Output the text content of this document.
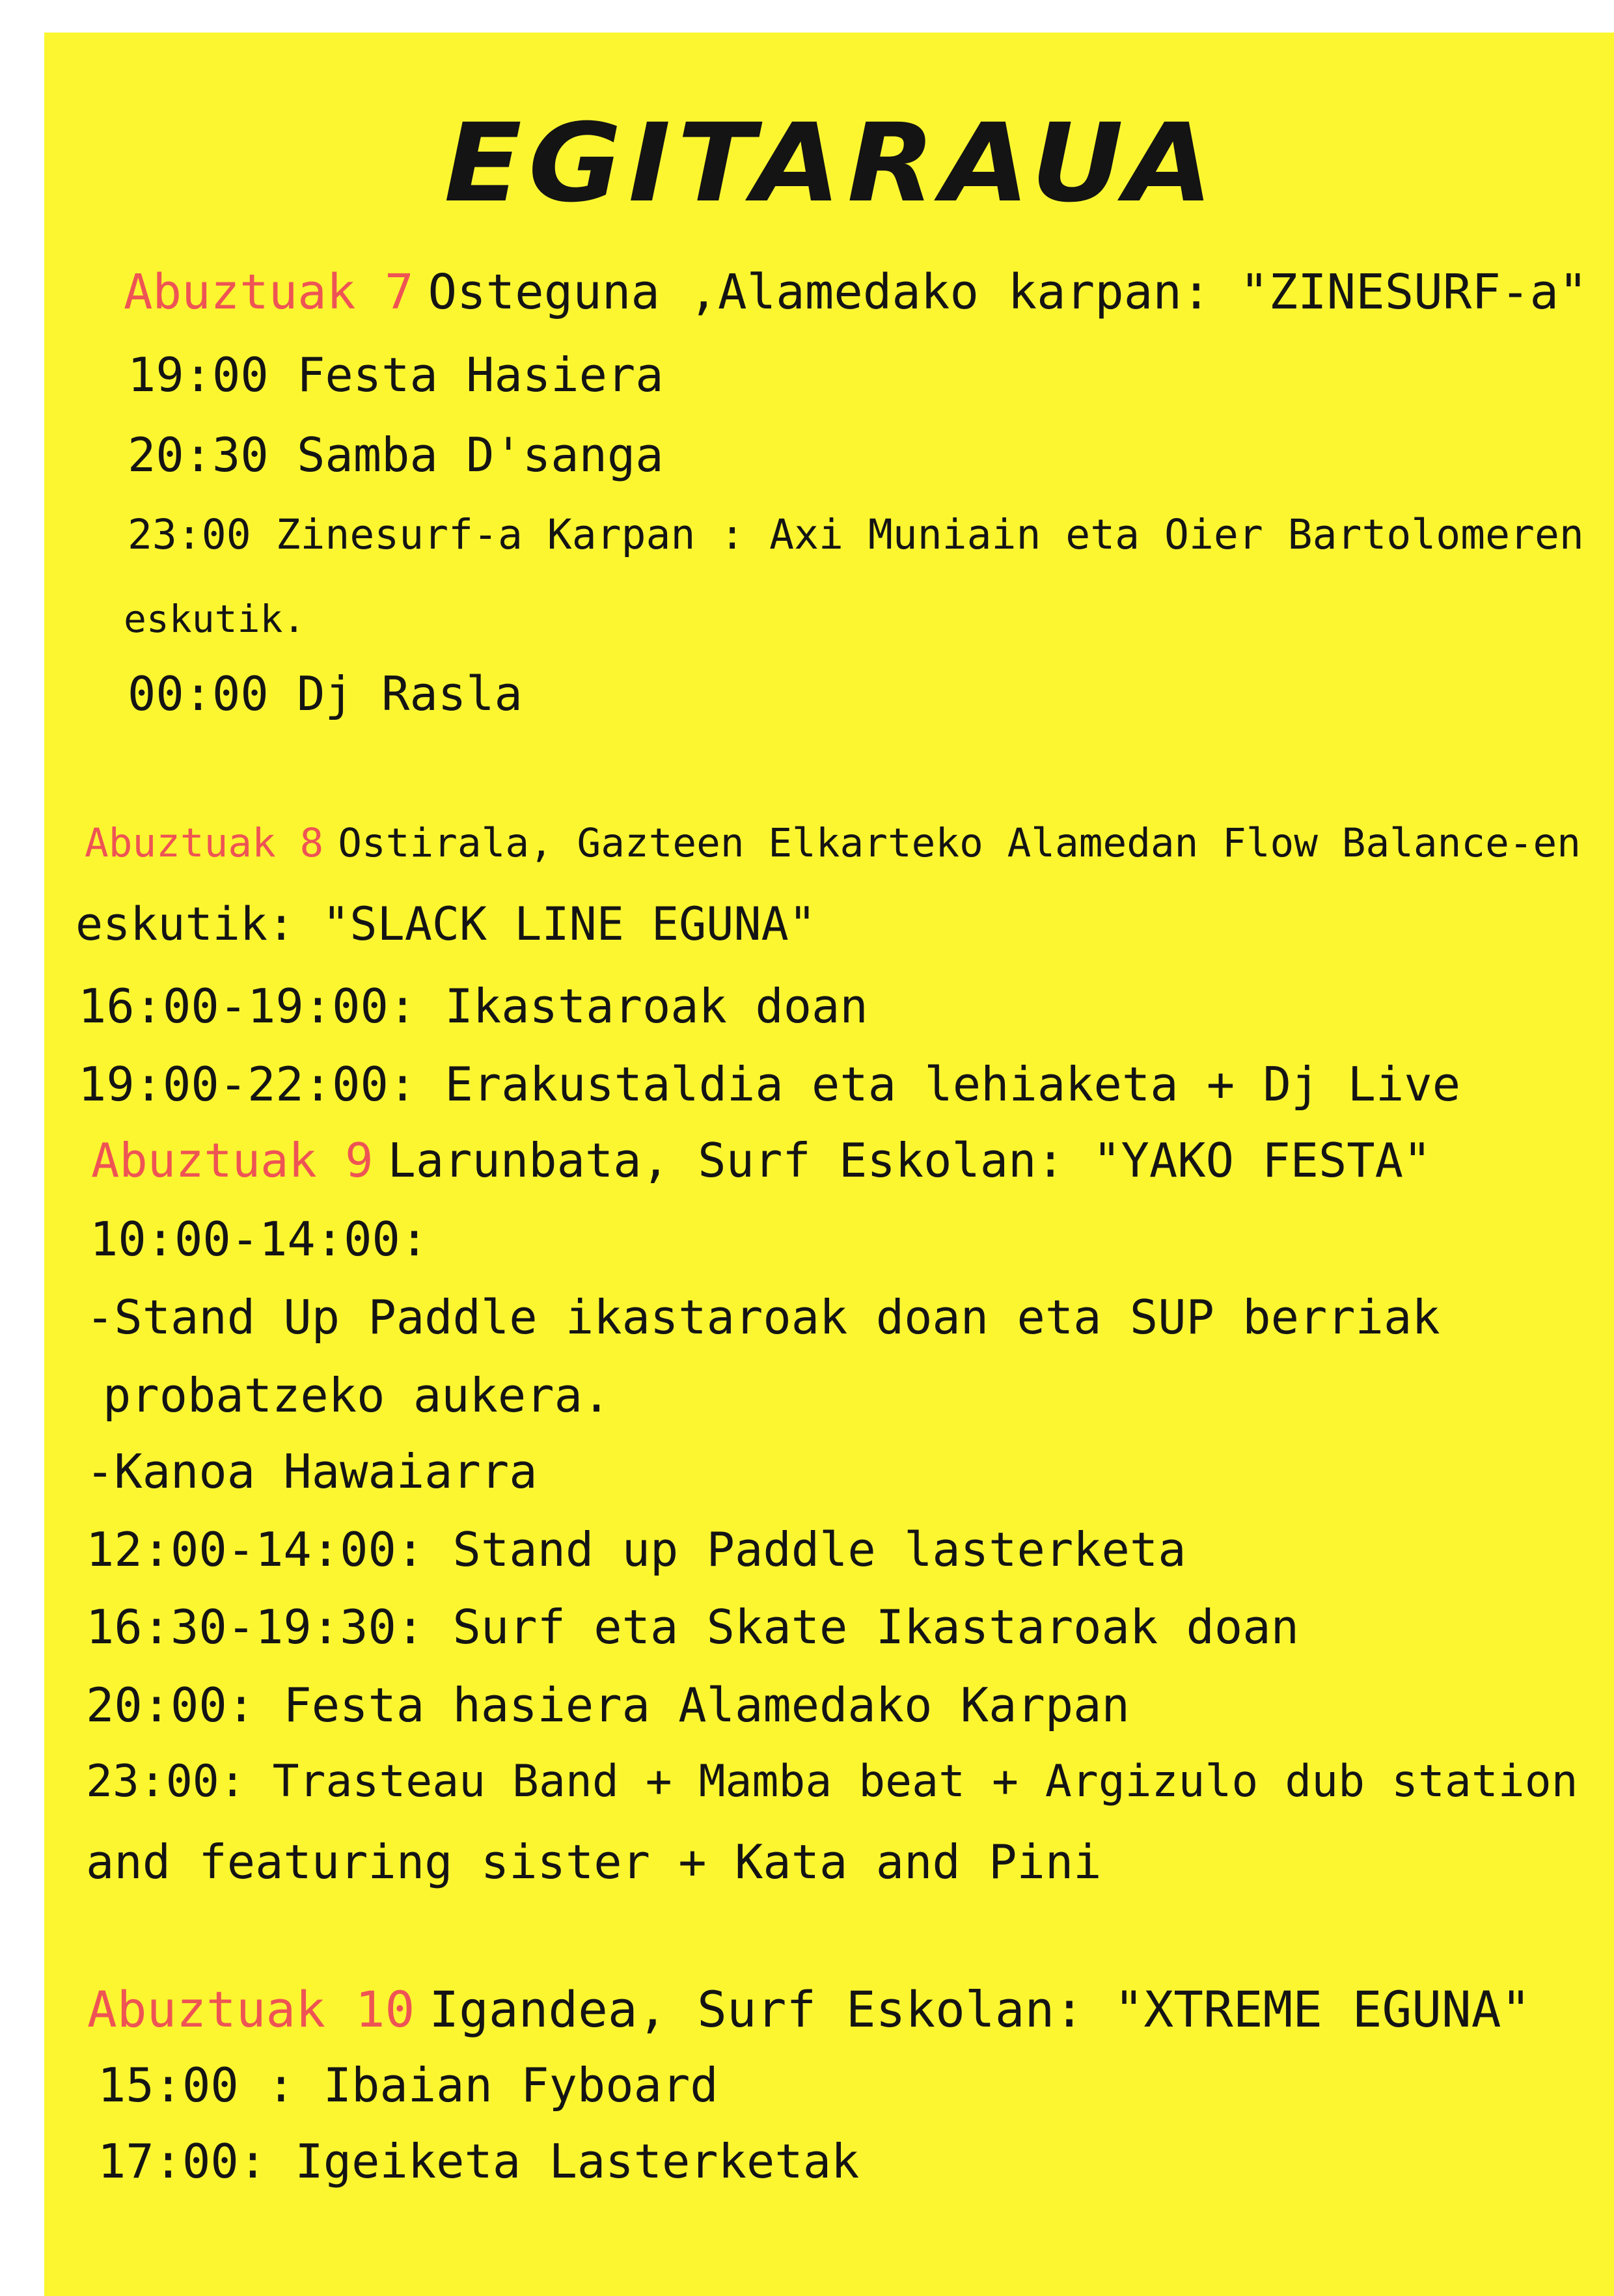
EGITARAUA
Abuztuak 7 Osteguna ,Alamedako karpan: "ZINESURF-a"
19:00 Festa Hasiera
20:30 Samba D'sanga
23:00 Zinesurf-a Karpan : Axi Muniain eta Oier Bartolomeren
eskutik.
00:00 Dj Rasla
Abuztuak 8 Ostirala, Gazteen Elkarteko Alamedan Flow Balance-en
eskutik: "SLACK LINE EGUNA"
16:00-19:00: Ikastaroak doan
19:00-22:00: Erakustaldia eta lehiaketa + Dj Live
Abuztuak 9 Larunbata, Surf Eskolan: "YAKO FESTA"
10:00-14:00:
-Stand Up Paddle ikastaroak doan eta SUP berriak
probatzeko aukera.
-Kanoa Hawaiarra
12:00-14:00: Stand up Paddle lasterketa
16:30-19:30: Surf eta Skate Ikastaroak doan
20:00: Festa hasiera Alamedako Karpan
23:00: Trasteau Band + Mamba beat + Argizulo dub station
and featuring sister + Kata and Pini
Abuztuak 10 Igandea, Surf Eskolan: "XTREME EGUNA"
15:00 : Ibaian Fyboard
17:00: Igeiketa Lasterketak
